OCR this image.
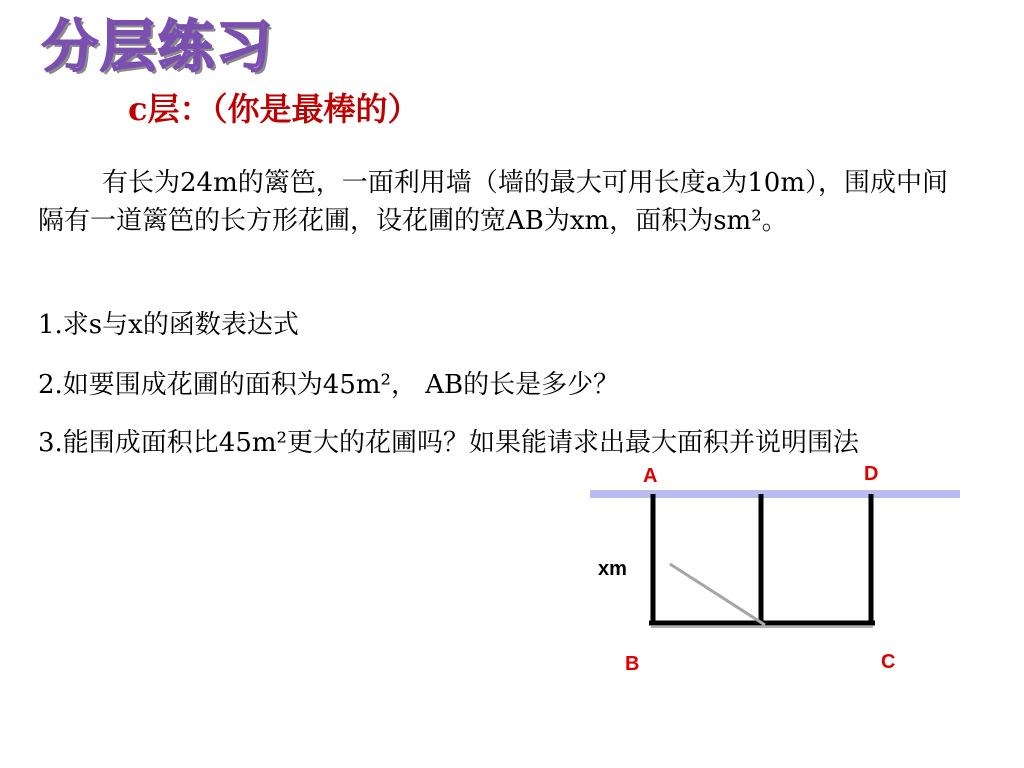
分层练习
c层：（你是最棒的）
有长为24m的篱笆，一面利用墙（墙的最大可用长度a为10m），围成中间隔有一道篱笆的长方形花圃，设花圃的宽AB为xm，面积为sm²。
1.求s与x的函数表达式
2.如要围成花圃的面积为45m²， AB的长是多少？
3.能围成面积比45m²更大的花圃吗？如果能请求出最大面积并说明围法
A	D
B	C
xm
